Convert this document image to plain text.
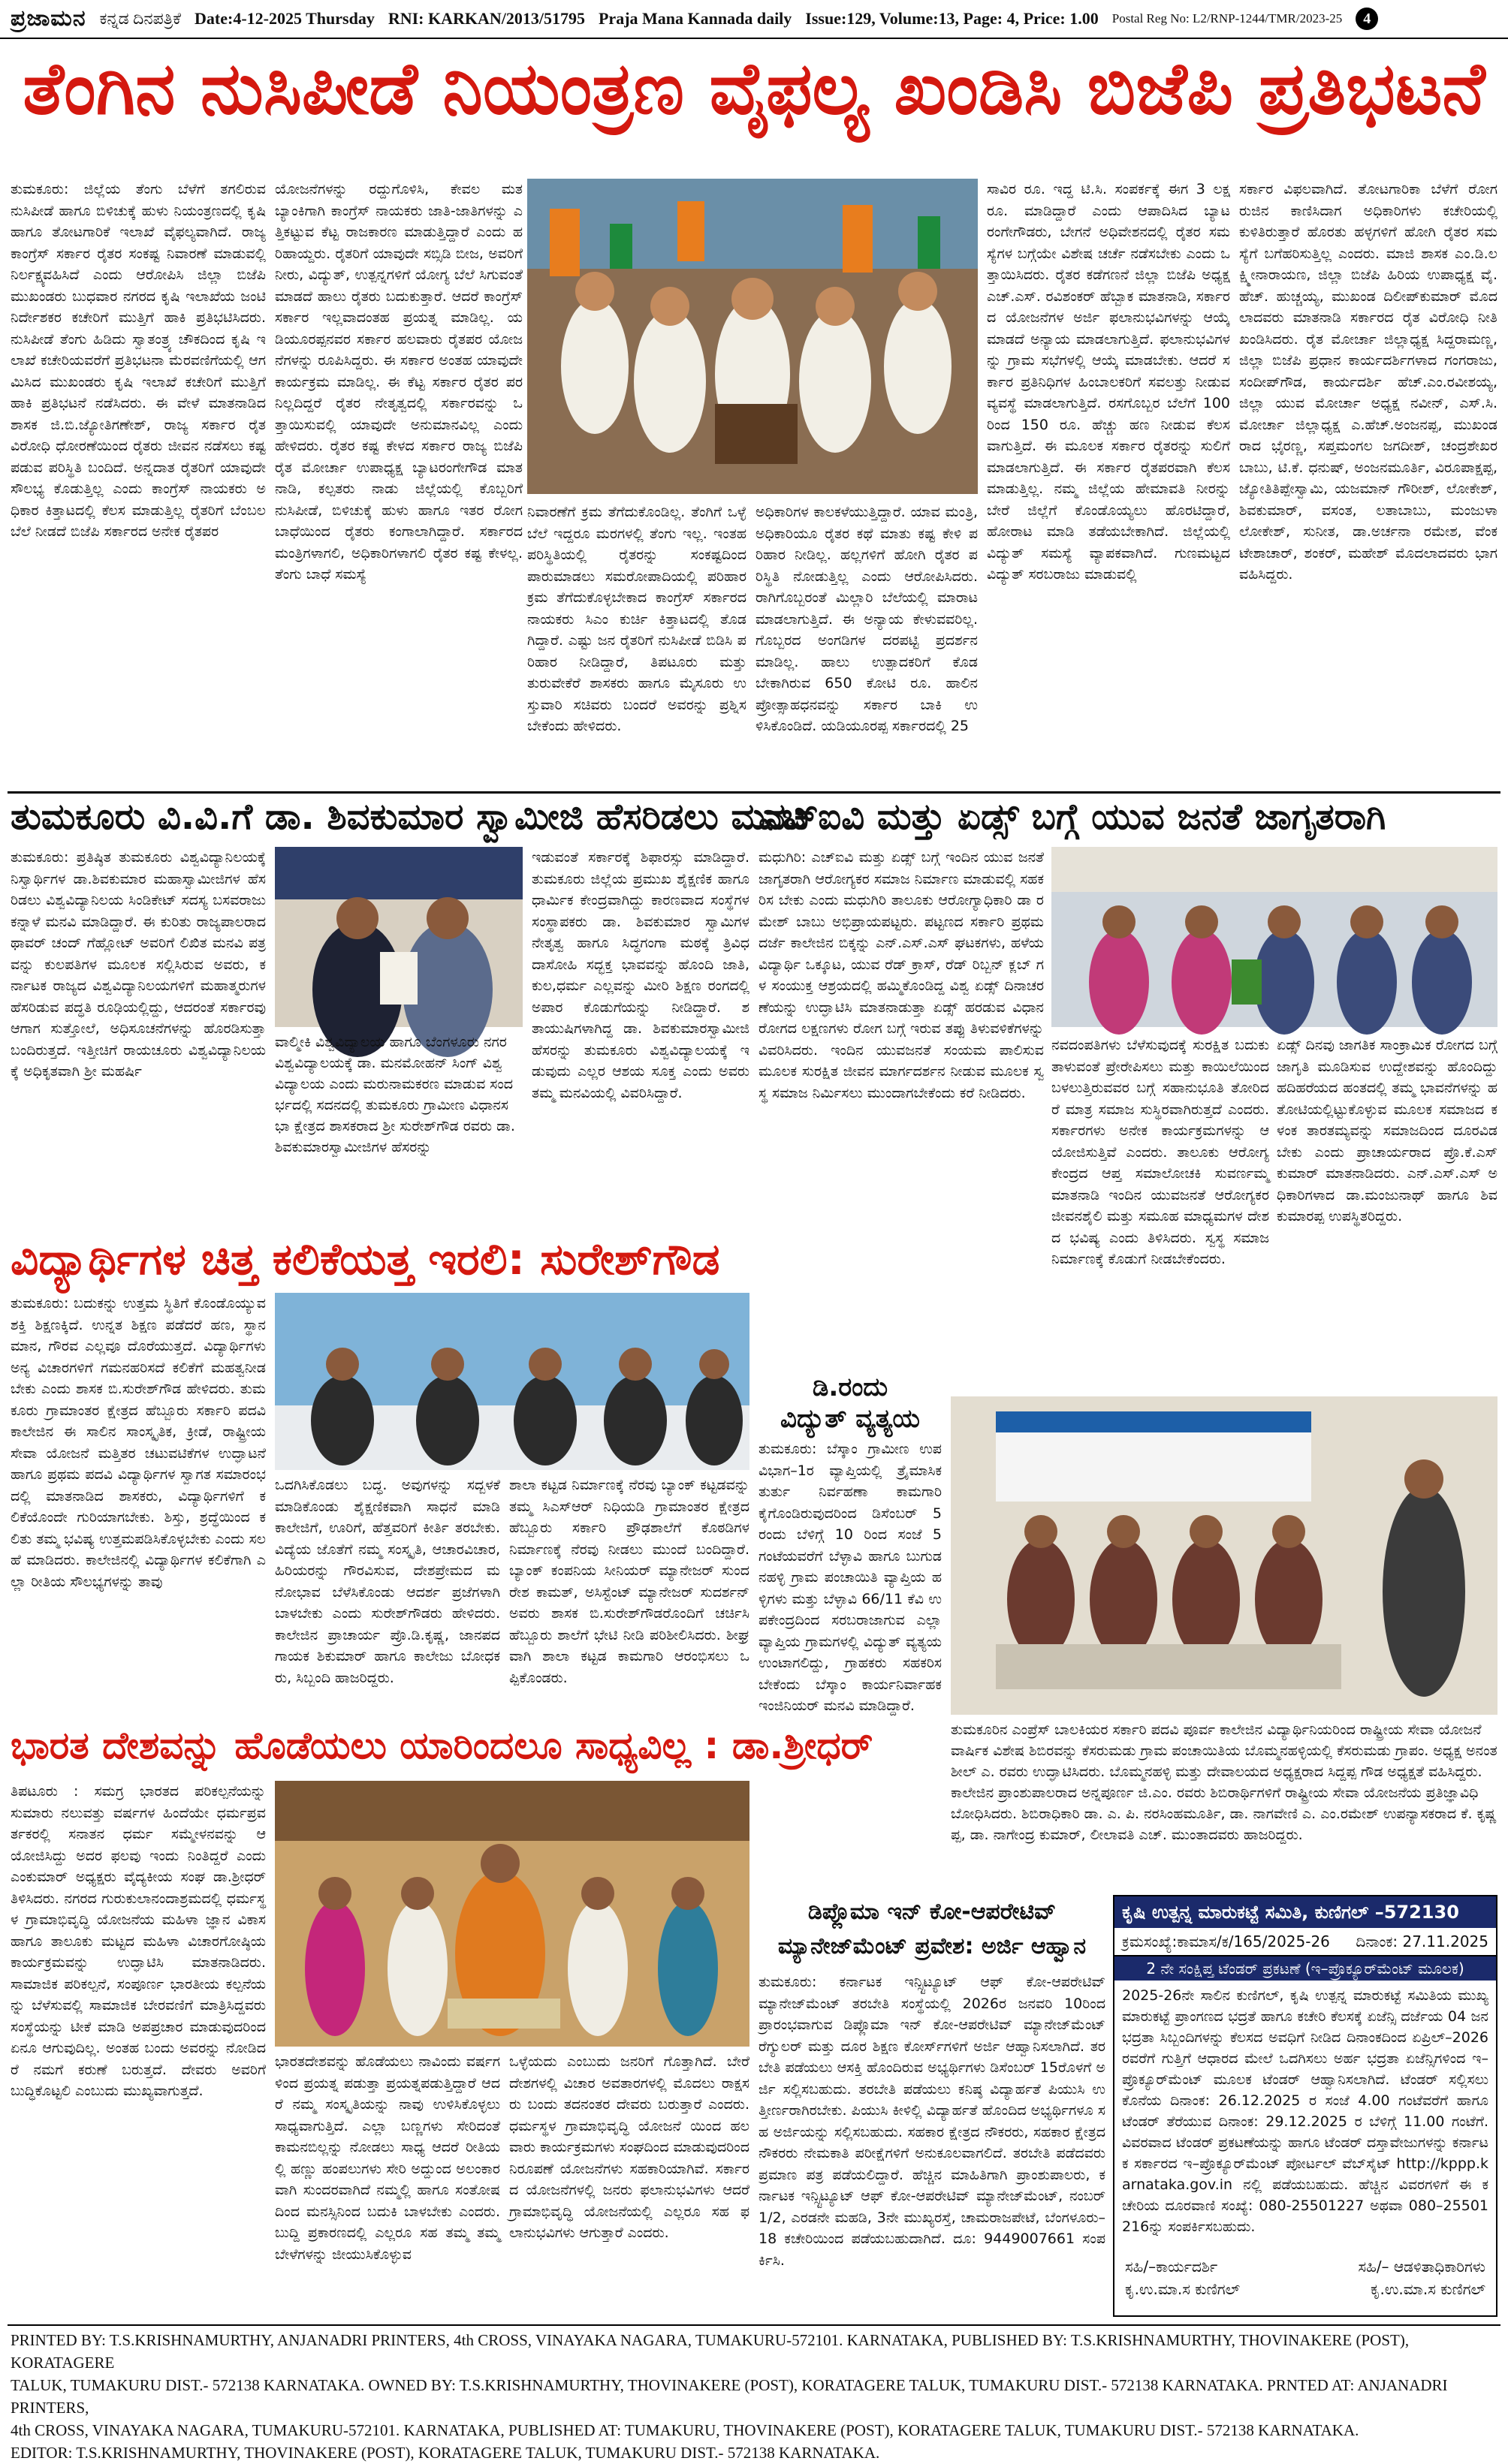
ಪ್ರಜಾಮನ ಕನ್ನಡ ದಿನಪತ್ರಿಕೆ Date:4-12-2025 Thursday RNI: KARKAN/2013/51795 Praja Mana Kannada daily Issue:129, Volume:13, Page: 4, Price: 1.00 Postal Reg No: L2/RNP-1244/TMR/2023-25	4
ತೆಂಗಿನ ನುಸಿಪೀಡೆ ನಿಯಂತ್ರಣ ವೈಫಲ್ಯ ಖಂಡಿಸಿ ಬಿಜೆಪಿ ಪ್ರತಿಭಟನೆ
ತುಮಕೂರು: ಜಿಲ್ಲೆಯ ತೆಂಗು ಬೆಳೆಗೆ ತಗಲಿರುವ ನುಸಿಪೀಡೆ ಹಾಗೂ ಬಿಳಿಚುಕ್ಕೆ ಹುಳು ನಿಯಂತ್ರಣದಲ್ಲಿ ಕೃಷಿ ಹಾಗೂ ತೋಟಗಾರಿಕೆ ಇಲಾಖೆ ವೈಫಲ್ಯವಾಗಿದೆ. ರಾಜ್ಯ ಕಾಂಗ್ರೆಸ್ ಸರ್ಕಾರ ರೈತರ ಸಂಕಷ್ಟ ನಿವಾರಣೆ ಮಾಡುವಲ್ಲಿ ನಿರ್ಲಕ್ಷ್ಯವಹಿಸಿದೆ ಎಂದು ಆರೋಪಿಸಿ ಜಿಲ್ಲಾ ಬಿಜೆಪಿ ಮುಖಂಡರು ಬುಧವಾರ ನಗರದ ಕೃಷಿ ಇಲಾಖೆಯ ಜಂಟಿ ನಿರ್ದೇಶಕರ ಕಚೇರಿಗೆ ಮುತ್ತಿಗೆ ಹಾಕಿ ಪ್ರತಿಭಟಿಸಿದರು. ನುಸಿಪೀಡೆ ತೆಂಗು ಹಿಡಿದು ಸ್ವಾತಂತ್ರ್ಯ ಚೌಕದಿಂದ ಕೃಷಿ ಇಲಾಖೆ ಕಚೇರಿಯವರೆಗೆ ಪ್ರತಿಭಟನಾ ಮೆರವಣಿಗೆಯಲ್ಲಿ ಆಗಮಿಸಿದ ಮುಖಂಡರು ಕೃಷಿ ಇಲಾಖೆ ಕಚೇರಿಗೆ ಮುತ್ತಿಗೆ ಹಾಕಿ ಪ್ರತಿಭಟನೆ ನಡೆಸಿದರು. ಈ ವೇಳೆ ಮಾತನಾಡಿದ ಶಾಸಕ ಜಿ.ಬಿ.ಜ್ಯೋತಿಗಣೇಶ್, ರಾಜ್ಯ ಸರ್ಕಾರ ರೈತ ವಿರೋಧಿ ಧೋರಣೆಯಿಂದ ರೈತರು ಜೀವನ ನಡೆಸಲು ಕಷ್ಟ ಪಡುವ ಪರಿಸ್ಥಿತಿ ಬಂದಿದೆ. ಅನ್ನದಾತ ರೈತರಿಗೆ ಯಾವುದೇ ಸೌಲಭ್ಯ ಕೊಡುತ್ತಿಲ್ಲ ಎಂದು ಕಾಂಗ್ರೆಸ್ ನಾಯಕರು ಅಧಿಕಾರ ಕಿತ್ತಾಟದಲ್ಲಿ ಕೆಲಸ ಮಾಡುತ್ತಿಲ್ಲ ರೈತರಿಗೆ ಬೆಂಬಲ ಬೆಲೆ ನೀಡದೆ ಬಿಜೆಪಿ ಸರ್ಕಾರದ ಅನೇಕ ರೈತಪರ
ಯೋಜನೆಗಳನ್ನು ರದ್ದುಗೊಳಿಸಿ, ಕೇವಲ ಮತ ಬ್ಯಾಂಕಿಗಾಗಿ ಕಾಂಗ್ರೆಸ್ ನಾಯಕರು ಜಾತಿ-ಜಾತಿಗಳನ್ನು ಎತ್ತಿಕಟ್ಟುವ ಕೆಟ್ಟ ರಾಜಕಾರಣ ಮಾಡುತ್ತಿದ್ದಾರೆ ಎಂದು ಹರಿಹಾಯ್ದರು. ರೈತರಿಗೆ ಯಾವುದೇ ಸಬ್ಸಿಡಿ ಬೀಜ, ಅವರಿಗೆ ನೀರು, ವಿದ್ಯುತ್, ಉತ್ಪನ್ನಗಳಿಗೆ ಯೋಗ್ಯ ಬೆಲೆ ಸಿಗುವಂತೆ ಮಾಡದೆ ಹಾಲು ರೈತರು ಬದುಕುತ್ತಾರೆ. ಆದರೆ ಕಾಂಗ್ರೆಸ್ ಸರ್ಕಾರ ಇಲ್ಲವಾದಂತಹ ಪ್ರಯತ್ನ ಮಾಡಿಲ್ಲ. ಯಡಿಯೂರಪ್ಪನವರ ಸರ್ಕಾರ ಹಲವಾರು ರೈತಪರ ಯೋಜನೆಗಳನ್ನು ರೂಪಿಸಿದ್ದರು. ಈ ಸರ್ಕಾರ ಅಂತಹ ಯಾವುದೇ ಕಾರ್ಯಕ್ರಮ ಮಾಡಿಲ್ಲ. ಈ ಕೆಟ್ಟ ಸರ್ಕಾರ ರೈತರ ಪರ ನಿಲ್ಲದಿದ್ದರೆ ರೈತರ ನೇತೃತ್ವದಲ್ಲಿ ಸರ್ಕಾರವನ್ನು ಒತ್ತಾಯಿಸುವಲ್ಲಿ ಯಾವುದೇ ಅನುಮಾನವಿಲ್ಲ ಎಂದು ಹೇಳಿದರು. ರೈತರ ಕಷ್ಟ ಕೇಳದ ಸರ್ಕಾರ ರಾಜ್ಯ ಬಿಜೆಪಿ ರೈತ ಮೋರ್ಚಾ ಉಪಾಧ್ಯಕ್ಷ ಬ್ಯಾಟರಂಗೇಗೌಡ ಮಾತನಾಡಿ, ಕಲ್ಪತರು ನಾಡು ಜಿಲ್ಲೆಯಲ್ಲಿ ಕೊಬ್ಬರಿಗೆ ನುಸಿಪೀಡೆ, ಬಿಳಿಚುಕ್ಕೆ ಹುಳು ಹಾಗೂ ಇತರ ರೋಗ ಬಾಧೆಯಿಂದ ರೈತರು ಕಂಗಾಲಾಗಿದ್ದಾರೆ. ಸರ್ಕಾರದ ಮಂತ್ರಿಗಳಾಗಲಿ, ಅಧಿಕಾರಿಗಳಾಗಲಿ ರೈತರ ಕಷ್ಟ ಕೇಳಲ್ಲ. ತೆಂಗು ಬಾಧೆ ಸಮಸ್ಯೆ
ನಿವಾರಣೆಗೆ ಕ್ರಮ ತೆಗೆದುಕೊಂಡಿಲ್ಲ. ತೆಂಗಿಗೆ ಒಳ್ಳೆ ಬೆಲೆ ಇದ್ದರೂ ಮರಗಳಲ್ಲಿ ತೆಂಗು ಇಲ್ಲ. ಇಂತಹ ಪರಿಸ್ಥಿತಿಯಲ್ಲಿ ರೈತರನ್ನು ಸಂಕಷ್ಟದಿಂದ ಪಾರುಮಾಡಲು ಸಮರೋಪಾದಿಯಲ್ಲಿ ಪರಿಹಾರ ಕ್ರಮ ತೆಗೆದುಕೊಳ್ಳಬೇಕಾದ ಕಾಂಗ್ರೆಸ್ ಸರ್ಕಾರದ ನಾಯಕರು ಸಿಎಂ ಕುರ್ಚಿ ಕಿತ್ತಾಟದಲ್ಲಿ ತೊಡಗಿದ್ದಾರೆ. ಎಷ್ಟು ಜನ ರೈತರಿಗೆ ನುಸಿಪೀಡೆ ಬಿಡಿಸಿ ಪರಿಹಾರ ನೀಡಿದ್ದಾರೆ, ತಿಪಟೂರು ಮತ್ತು ತುರುವೇಕೆರೆ ಶಾಸಕರು ಹಾಗೂ ಮೈಸೂರು ಉಸ್ತುವಾರಿ ಸಚಿವರು ಬಂದರೆ ಅವರನ್ನು ಪ್ರಶ್ನಿಸಬೇಕೆಂದು ಹೇಳಿದರು.
ಅಧಿಕಾರಿಗಳ ಕಾಲಕಳೆಯುತ್ತಿದ್ದಾರೆ. ಯಾವ ಮಂತ್ರಿ, ಅಧಿಕಾರಿಯೂ ರೈತರ ಕಥೆ ಮಾತು ಕಷ್ಟ ಕೇಳಿ ಪರಿಹಾರ ನೀಡಿಲ್ಲ. ಹಲ್ಲಗಳಿಗೆ ಹೋಗಿ ರೈತರ ಪರಿಸ್ಥಿತಿ ನೋಡುತ್ತಿಲ್ಲ ಎಂದು ಆರೋಪಿಸಿದರು. ರಾಗಿಗೊಬ್ಬರಂತೆ ಮಿಲ್ಲಾರಿ ಬೆಲೆಯಲ್ಲಿ ಮಾರಾಟ ಮಾಡಲಾಗುತ್ತಿದೆ. ಈ ಅನ್ಯಾಯ ಕೇಳುವವರಿಲ್ಲ. ಗೊಬ್ಬರದ ಅಂಗಡಿಗಳ ದರಪಟ್ಟಿ ಪ್ರದರ್ಶನ ಮಾಡಿಲ್ಲ. ಹಾಲು ಉತ್ಪಾದಕರಿಗೆ ಕೊಡಬೇಕಾಗಿರುವ 650 ಕೋಟಿ ರೂ. ಹಾಲಿನ ಪ್ರೋತ್ಸಾಹಧನವನ್ನು ಸರ್ಕಾರ ಬಾಕಿ ಉಳಿಸಿಕೊಂಡಿದೆ. ಯಡಿಯೂರಪ್ಪ ಸರ್ಕಾರದಲ್ಲಿ 25
ಸಾವಿರ ರೂ. ಇದ್ದ ಟಿ.ಸಿ. ಸಂಪರ್ಕಕ್ಕೆ ಈಗ 3 ಲಕ್ಷ ರೂ. ಮಾಡಿದ್ದಾರೆ ಎಂದು ಆಪಾದಿಸಿದ ಬ್ಯಾಟರಂಗೇಗೌಡರು, ಬೇಗನೆ ಅಧಿವೇಶನದಲ್ಲಿ ರೈತರ ಸಮಸ್ಯೆಗಳ ಬಗ್ಗೆಯೇ ವಿಶೇಷ ಚರ್ಚೆ ನಡೆಸಬೇಕು ಎಂದು ಒತ್ತಾಯಿಸಿದರು. ರೈತರ ಕಡೆಗಣನೆ ಜಿಲ್ಲಾ ಬಿಜೆಪಿ ಅಧ್ಯಕ್ಷ ಎಚ್.ಎಸ್. ರವಿಶಂಕರ್ ಹೆಬ್ಬಾಕ ಮಾತನಾಡಿ, ಸರ್ಕಾರದ ಯೋಜನೆಗಳ ಅರ್ಜಿ ಫಲಾನುಭವಿಗಳನ್ನು ಆಯ್ಕೆ ಮಾಡದೆ ಅನ್ಯಾಯ ಮಾಡಲಾಗುತ್ತಿದೆ. ಫಲಾನುಭವಿಗಳನ್ನು ಗ್ರಾಮ ಸಭೆಗಳಲ್ಲಿ ಆಯ್ಕೆ ಮಾಡಬೇಕು. ಆದರೆ ಸರ್ಕಾರ ಪ್ರತಿನಿಧಿಗಳ ಹಿಂಬಾಲಕರಿಗೆ ಸವಲತ್ತು ನೀಡುವ ವ್ಯವಸ್ಥೆ ಮಾಡಲಾಗುತ್ತಿದೆ. ರಸಗೊಬ್ಬರ ಬೆಲೆಗೆ 100ರಿಂದ 150 ರೂ. ಹೆಚ್ಚು ಹಣ ನೀಡುವ ಕೆಲಸವಾಗುತ್ತಿದೆ. ಈ ಮೂಲಕ ಸರ್ಕಾರ ರೈತರನ್ನು ಸುಲಿಗೆ ಮಾಡಲಾಗುತ್ತಿದೆ. ಈ ಸರ್ಕಾರ ರೈತಪರವಾಗಿ ಕೆಲಸ ಮಾಡುತ್ತಿಲ್ಲ. ನಮ್ಮ ಜಿಲ್ಲೆಯ ಹೇಮಾವತಿ ನೀರನ್ನು ಬೇರೆ ಜಿಲ್ಲೆಗೆ ಕೊಂಡೊಯ್ಯಲು ಹೊರಟಿದ್ದಾರೆ, ಹೋರಾಟ ಮಾಡಿ ತಡೆಯಬೇಕಾಗಿದೆ. ಜಿಲ್ಲೆಯಲ್ಲಿ ವಿದ್ಯುತ್ ಸಮಸ್ಯೆ ವ್ಯಾಪಕವಾಗಿದೆ. ಗುಣಮಟ್ಟದ ವಿದ್ಯುತ್ ಸರಬರಾಜು ಮಾಡುವಲ್ಲಿ
ಸರ್ಕಾರ ವಿಫಲವಾಗಿದೆ. ತೋಟಗಾರಿಕಾ ಬೆಳೆಗೆ ರೋಗರುಜಿನ ಕಾಣಿಸಿದಾಗ ಅಧಿಕಾರಿಗಳು ಕಚೇರಿಯಲ್ಲಿ ಕುಳಿತಿರುತ್ತಾರೆ ಹೊರತು ಹಳ್ಳಗಳಿಗೆ ಹೋಗಿ ರೈತರ ಸಮಸ್ಯೆಗೆ ಬಗೆಹರಿಸುತ್ತಿಲ್ಲ ಎಂದರು. ಮಾಜಿ ಶಾಸಕ ಎಂ.ಡಿ.ಲಕ್ಷ್ಮೀನಾರಾಯಣ, ಜಿಲ್ಲಾ ಬಿಜೆಪಿ ಹಿರಿಯ ಉಪಾಧ್ಯಕ್ಷ ವೈ.ಹೆಚ್. ಹುಚ್ಚಯ್ಯ, ಮುಖಂಡ ದಿಲೀಪ್‌ಕುಮಾರ್ ಮೊದಲಾದವರು ಮಾತನಾಡಿ ಸರ್ಕಾರದ ರೈತ ವಿರೋಧಿ ನೀತಿ ಖಂಡಿಸಿದರು. ರೈತ ಮೋರ್ಚಾ ಜಿಲ್ಲಾಧ್ಯಕ್ಷ ಸಿದ್ದರಾಮಣ್ಣ, ಜಿಲ್ಲಾ ಬಿಜೆಪಿ ಪ್ರಧಾನ ಕಾರ್ಯದರ್ಶಿಗಳಾದ ಗಂಗರಾಜು, ಸಂದೀಪ್‌ಗೌಡ, ಕಾರ್ಯದರ್ಶಿ ಹೆಚ್.ಎಂ.ರವೀಶಯ್ಯ, ಜಿಲ್ಲಾ ಯುವ ಮೋರ್ಚಾ ಅಧ್ಯಕ್ಷ ನವೀನ್, ಎಸ್.ಸಿ. ಮೋರ್ಚಾ ಜಿಲ್ಲಾಧ್ಯಕ್ಷ ಎ.ಹೆಚ್.ಅಂಜನಪ್ಪ, ಮುಖಂಡರಾದ ಭೈರಣ್ಣ, ಸಪ್ತಮಂಗಲ ಜಗದೀಶ್, ಚಂದ್ರಶೇಖರಬಾಬು, ಟಿ.ಕೆ. ಧನುಷ್, ಅಂಜನಮೂರ್ತಿ, ವಿರೂಪಾಕ್ಷಪ್ಪ, ಜ್ಯೋತಿತಿಪ್ಪೇಸ್ವಾಮಿ, ಯಜಮಾನ್ ಗೌರೀಶ್, ಲೋಕೇಶ್, ಶಿವಕುಮಾರ್, ವಸಂತ, ಲತಾಬಾಬು, ಮಂಜುಳಾ ಲೋಕೇಶ್, ಸುನೀತ, ಡಾ.ಅರ್ಚನಾ ರಮೇಶ, ವೆಂಕಟೇಶಾಚಾರ್, ಶಂಕರ್, ಮಹೇಶ್ ಮೊದಲಾದವರು ಭಾಗವಹಿಸಿದ್ದರು.
ತುಮಕೂರು ವಿ.ವಿ.ಗೆ ಡಾ. ಶಿವಕುಮಾರ ಸ್ವಾಮೀಜಿ ಹೆಸರಿಡಲು ಮನವಿ
ತುಮಕೂರು: ಪ್ರತಿಷ್ಠಿತ ತುಮಕೂರು ವಿಶ್ವವಿದ್ಯಾನಿಲಯಕ್ಕೆ ನಿಸ್ವಾರ್ಥಿಗಳ ಡಾ.ಶಿವಕುಮಾರ ಮಹಾಸ್ವಾಮೀಜಿಗಳ ಹೆಸರಿಡಲು ವಿಶ್ವವಿದ್ಯಾನಿಲಯ ಸಿಂಡಿಕೇಟ್ ಸದಸ್ಯ ಬಸವರಾಜು ಕನ್ನಾಳೆ ಮನವಿ ಮಾಡಿದ್ದಾರೆ. ಈ ಕುರಿತು ರಾಜ್ಯಪಾಲರಾದ ಥಾವರ್ ಚಂದ್ ಗೆಹ್ಲೋಟ್ ಅವರಿಗೆ ಲಿಖಿತ ಮನವಿ ಪತ್ರವನ್ನು ಕುಲಪತಿಗಳ ಮೂಲಕ ಸಲ್ಲಿಸಿರುವ ಅವರು, ಕರ್ನಾಟಕ ರಾಜ್ಯದ ವಿಶ್ವವಿದ್ಯಾನಿಲಯಗಳಿಗೆ ಮಹಾತ್ಮರುಗಳ ಹೆಸರಿಡುವ ಪದ್ಧತಿ ರೂಢಿಯಲ್ಲಿದ್ದು, ಆದರಂತೆ ಸರ್ಕಾರವು ಆಗಾಗ ಸುತ್ತೋಲೆ, ಅಧಿಸೂಚನೆಗಳನ್ನು ಹೊರಡಿಸುತ್ತಾ ಬಂದಿರುತ್ತದೆ. ಇತ್ತೀಚಿಗೆ ರಾಯಚೂರು ವಿಶ್ವವಿದ್ಯಾನಿಲಯಕ್ಕೆ ಅಧಿಕೃತವಾಗಿ ಶ್ರೀ ಮಹರ್ಷಿ
ವಾಲ್ಮೀಕಿ ವಿಶ್ವವಿದ್ಯಾಲಯ ಹಾಗೂ ಬೆಂಗಳೂರು ನಗರ ವಿಶ್ವವಿದ್ಯಾಲಯಕ್ಕೆ ಡಾ. ಮನಮೋಹನ್ ಸಿಂಗ್ ವಿಶ್ವವಿದ್ಯಾಲಯ ಎಂದು ಮರುನಾಮಕರಣ ಮಾಡುವ ಸಂದರ್ಭದಲ್ಲಿ ಸದನದಲ್ಲಿ ತುಮಕೂರು ಗ್ರಾಮೀಣ ವಿಧಾನಸಭಾ ಕ್ಷೇತ್ರದ ಶಾಸಕರಾದ ಶ್ರೀ ಸುರೇಶ್‌ಗೌಡ ರವರು ಡಾ.ಶಿವಕುಮಾರಸ್ವಾಮೀಜಿಗಳ ಹೆಸರನ್ನು
ಇಡುವಂತೆ ಸರ್ಕಾರಕ್ಕೆ ಶಿಫಾರಸ್ಸು ಮಾಡಿದ್ದಾರೆ. ತುಮಕೂರು ಜಿಲ್ಲೆಯ ಪ್ರಮುಖ ಶೈಕ್ಷಣಿಕ ಹಾಗೂ ಧಾರ್ಮಿಕ ಕೇಂದ್ರವಾಗಿದ್ದು ಕಾರಣವಾದ ಸಂಸ್ಥೆಗಳ ಸಂಸ್ಥಾಪಕರು ಡಾ. ಶಿವಕುಮಾರ ಸ್ವಾಮಿಗಳ ನೇತೃತ್ವ ಹಾಗೂ ಸಿದ್ಧಗಂಗಾ ಮಠಕ್ಕೆ ತ್ರಿವಿಧ ದಾಸೋಹಿ ಸದ್ಭಕ್ತ ಭಾವವನ್ನು ಹೊಂದಿ ಜಾತಿ, ಕುಲ,ಧರ್ಮ ಎಲ್ಲವನ್ನು ಮೀರಿ ಶಿಕ್ಷಣ ರಂಗದಲ್ಲಿ ಅಪಾರ ಕೊಡುಗೆಯನ್ನು ನೀಡಿದ್ದಾರೆ. ಶತಾಯುಷಿಗಳಾಗಿದ್ದ ಡಾ. ಶಿವಕುಮಾರಸ್ವಾಮೀಜಿ ಹೆಸರನ್ನು ತುಮಕೂರು ವಿಶ್ವವಿದ್ಯಾಲಯಕ್ಕೆ ಇಡುವುದು ಎಲ್ಲರ ಆಶಯ ಸೂಕ್ತ ಎಂದು ಅವರು ತಮ್ಮ ಮನವಿಯಲ್ಲಿ ವಿವರಿಸಿದ್ದಾರೆ.
ಎಚ್‌ಐವಿ ಮತ್ತು ಏಡ್ಸ್ ಬಗ್ಗೆ ಯುವ ಜನತೆ ಜಾಗೃತರಾಗಿ
ಮಧುಗಿರಿ: ಎಚ್‌ಐವಿ ಮತ್ತು ಏಡ್ಸ್ ಬಗ್ಗೆ ಇಂದಿನ ಯುವ ಜನತೆ ಜಾಗೃತರಾಗಿ ಆರೋಗ್ಯಕರ ಸಮಾಜ ನಿರ್ಮಾಣ ಮಾಡುವಲ್ಲಿ ಸಹಕರಿಸ ಬೇಕು ಎಂದು ಮಧುಗಿರಿ ತಾಲೂಕು ಆರೋಗ್ಯಾಧಿಕಾರಿ ಡಾ ರಮೇಶ್ ಬಾಬು ಅಭಿಪ್ರಾಯಪಟ್ಟರು. ಪಟ್ಟಣದ ಸರ್ಕಾರಿ ಪ್ರಥಮ ದರ್ಜೆ ಕಾಲೇಜಿನ ಬಿಕ್ಕನ್ನು ಎನ್.ಎಸ್.ಎಸ್ ಘಟಕಗಳು, ಹಳೆಯ ವಿದ್ಯಾರ್ಥಿ ಒಕ್ಕೂಟ, ಯುವ ರೆಡ್ ಕ್ರಾಸ್, ರೆಡ್ ರಿಬ್ಬನ್ ಕ್ಲಬ್ ಗಳ ಸಂಯುಕ್ತ ಆಶ್ರಯದಲ್ಲಿ ಹಮ್ಮಿಕೊಂಡಿದ್ದ ವಿಶ್ವ ಏಡ್ಸ್ ದಿನಾಚರಣೆಯನ್ನು ಉದ್ಘಾಟಿಸಿ ಮಾತನಾಡುತ್ತಾ ಏಡ್ಸ್ ಹರಡುವ ವಿಧಾನ ರೋಗದ ಲಕ್ಷಣಗಳು ರೋಗ ಬಗ್ಗೆ ಇರುವ ತಪ್ಪು ತಿಳುವಳಿಕೆಗಳನ್ನು ವಿವರಿಸಿದರು. ಇಂದಿನ ಯುವಜನತೆ ಸಂಯಮ ಪಾಲಿಸುವ ಮೂಲಕ ಸುರಕ್ಷಿತ ಜೀವನ ಮಾರ್ಗದರ್ಶನ ನೀಡುವ ಮೂಲಕ ಸ್ವಸ್ಥ ಸಮಾಜ ನಿರ್ಮಿಸಲು ಮುಂದಾಗಬೇಕೆಂದು ಕರೆ ನೀಡಿದರು.
ನವದಂಪತಿಗಳು ಬೆಳೆಸುವುದಕ್ಕೆ ಸುರಕ್ಷಿತ ಬದುಕು ತಾಳುವಂತೆ ಪ್ರೇರೇಪಿಸಲು ಮತ್ತು ಕಾಯಿಲೆಯಿಂದ ಬಳಲುತ್ತಿರುವವರ ಬಗ್ಗೆ ಸಹಾನುಭೂತಿ ತೋರಿದರೆ ಮಾತ್ರ ಸಮಾಜ ಸುಸ್ಥಿರವಾಗಿರುತ್ತದೆ ಎಂದರು. ಸರ್ಕಾರಗಳು ಅನೇಕ ಕಾರ್ಯಕ್ರಮಗಳನ್ನು ಆಯೋಜಿಸುತ್ತಿವೆ ಎಂದರು. ತಾಲೂಕು ಆರೋಗ್ಯ ಕೇಂದ್ರದ ಆಪ್ತ ಸಮಾಲೋಚಕಿ ಸುವರ್ಣಮ್ಮ ಮಾತನಾಡಿ ಇಂದಿನ ಯುವಜನತೆ ಆರೋಗ್ಯಕರ ಜೀವನಶೈಲಿ ಮತ್ತು ಸಮೂಹ ಮಾಧ್ಯಮಗಳ ದೇಶದ ಭವಿಷ್ಯ ಎಂದು ತಿಳಿಸಿದರು. ಸ್ವಸ್ಥ ಸಮಾಜ ನಿರ್ಮಾಣಕ್ಕೆ ಕೊಡುಗೆ ನೀಡಬೇಕೆಂದರು.
ಏಡ್ಸ್ ದಿನವು ಜಾಗತಿಕ ಸಾಂಕ್ರಾಮಿಕ ರೋಗದ ಬಗ್ಗೆ ಜಾಗೃತಿ ಮೂಡಿಸುವ ಉದ್ದೇಶವನ್ನು ಹೊಂದಿದ್ದು ಹದಿಹರೆಯದ ಹಂತದಲ್ಲಿ ತಮ್ಮ ಭಾವನೆಗಳನ್ನು ಹತೋಟಿಯಲ್ಲಿಟ್ಟುಕೊಳ್ಳುವ ಮೂಲಕ ಸಮಾಜದ ಕಳಂಕ ತಾರತಮ್ಯವನ್ನು ಸಮಾಜದಿಂದ ದೂರವಿಡಬೇಕು ಎಂದು ಪ್ರಾಚಾರ್ಯರಾದ ಪ್ರೊ.ಕೆ.ಎಸ್ ಕುಮಾರ್ ಮಾತನಾಡಿದರು. ಎನ್.ಎಸ್.ಎಸ್ ಅಧಿಕಾರಿಗಳಾದ ಡಾ.ಮಂಜುನಾಥ್ ಹಾಗೂ ಶಿವಕುಮಾರಪ್ಪ ಉಪಸ್ಥಿತರಿದ್ದರು.
ವಿದ್ಯಾರ್ಥಿಗಳ ಚಿತ್ತ ಕಲಿಕೆಯತ್ತ ಇರಲಿ: ಸುರೇಶ್‌ಗೌಡ
ತುಮಕೂರು: ಬದುಕನ್ನು ಉತ್ತಮ ಸ್ಥಿತಿಗೆ ಕೊಂಡೊಯ್ಯುವ ಶಕ್ತಿ ಶಿಕ್ಷಣಕ್ಕಿದೆ. ಉನ್ನತ ಶಿಕ್ಷಣ ಪಡೆದರೆ ಹಣ, ಸ್ಥಾನಮಾನ, ಗೌರವ ಎಲ್ಲವೂ ದೊರೆಯುತ್ತದೆ. ವಿದ್ಯಾರ್ಥಿಗಳು ಅನ್ಯ ವಿಚಾರಗಳಿಗೆ ಗಮನಹರಿಸದೆ ಕಲಿಕೆಗೆ ಮಹತ್ವನೀಡಬೇಕು ಎಂದು ಶಾಸಕ ಬಿ.ಸುರೇಶ್‌ಗೌಡ ಹೇಳಿದರು. ತುಮಕೂರು ಗ್ರಾಮಾಂತರ ಕ್ಷೇತ್ರದ ಹೆಬ್ಬೂರು ಸರ್ಕಾರಿ ಪದವಿ ಕಾಲೇಜಿನ ಈ ಸಾಲಿನ ಸಾಂಸ್ಕೃತಿಕ, ಕ್ರೀಡೆ, ರಾಷ್ಟ್ರೀಯ ಸೇವಾ ಯೋಜನೆ ಮತ್ತಿತರ ಚಟುವಟಿಕೆಗಳ ಉದ್ಘಾಟನೆ ಹಾಗೂ ಪ್ರಥಮ ಪದವಿ ವಿದ್ಯಾರ್ಥಿಗಳ ಸ್ವಾಗತ ಸಮಾರಂಭದಲ್ಲಿ ಮಾತನಾಡಿದ ಶಾಸಕರು, ವಿದ್ಯಾರ್ಥಿಗಳಿಗೆ ಕಲಿಕೆಯೊಂದೇ ಗುರಿಯಾಗಬೇಕು. ಶಿಸ್ತು, ಶ್ರದ್ಧೆಯಿಂದ ಕಲಿತು ತಮ್ಮ ಭವಿಷ್ಯ ಉತ್ತಮಪಡಿಸಿಕೊಳ್ಳಬೇಕು ಎಂದು ಸಲಹೆ ಮಾಡಿದರು. ಕಾಲೇಜಿನಲ್ಲಿ ವಿದ್ಯಾರ್ಥಿಗಳ ಕಲಿಕೆಗಾಗಿ ಎಲ್ಲಾ ರೀತಿಯ ಸೌಲಭ್ಯಗಳನ್ನು ತಾವು
ಒದಗಿಸಿಕೊಡಲು ಬದ್ಧ. ಅವುಗಳನ್ನು ಸದ್ಬಳಕೆ ಮಾಡಿಕೊಂಡು ಶೈಕ್ಷಣಿಕವಾಗಿ ಸಾಧನೆ ಮಾಡಿ ಕಾಲೇಜಿಗೆ, ಊರಿಗೆ, ಹೆತ್ತವರಿಗೆ ಕೀರ್ತಿ ತರಬೇಕು. ವಿದ್ಯೆಯ ಜೊತೆಗೆ ನಮ್ಮ ಸಂಸ್ಕೃತಿ, ಆಚಾರವಿಚಾರ, ಹಿರಿಯರನ್ನು ಗೌರವಿಸುವ, ದೇಶಪ್ರೇಮದ ಮನೋಭಾವ ಬೆಳೆಸಿಕೊಂಡು ಆದರ್ಶ ಪ್ರಜೆಗಳಾಗಿ ಬಾಳಬೇಕು ಎಂದು ಸುರೇಶ್‌ಗೌಡರು ಹೇಳಿದರು. ಕಾಲೇಜಿನ ಪ್ರಾಚಾರ್ಯ ಪ್ರೊ.ಡಿ.ಕೃಷ್ಣ, ಜಾನಪದ ಗಾಯಕ ಶಿಕುಮಾರ್ ಹಾಗೂ ಕಾಲೇಜು ಬೋಧಕರು, ಸಿಬ್ಬಂದಿ ಹಾಜರಿದ್ದರು.
ಶಾಲಾ ಕಟ್ಟಡ ನಿರ್ಮಾಣಕ್ಕೆ ನೆರವು ಬ್ಯಾಂಕ್ ಕಟ್ಟಡವನ್ನು ತಮ್ಮ ಸಿಎಸ್‌ಆರ್ ನಿಧಿಯಡಿ ಗ್ರಾಮಾಂತರ ಕ್ಷೇತ್ರದ ಹೆಬ್ಬೂರು ಸರ್ಕಾರಿ ಪ್ರೌಢಶಾಲೆಗೆ ಕೊಠಡಿಗಳ ನಿರ್ಮಾಣಕ್ಕೆ ನೆರವು ನೀಡಲು ಮುಂದೆ ಬಂದಿದ್ದಾರೆ. ಬ್ಯಾಂಕ್ ಕಂಪನಿಯ ಸೀನಿಯರ್ ಮ್ಯಾನೇಜರ್ ಸುಂದರೇಶ ಕಾಮತ್, ಅಸಿಸ್ಟೆಂಟ್ ಮ್ಯಾನೇಜರ್ ಸುದರ್ಶನ್ ಅವರು ಶಾಸಕ ಬಿ.ಸುರೇಶ್‌ಗೌಡರೊಂದಿಗೆ ಚರ್ಚಿಸಿ ಹೆಬ್ಬೂರು ಶಾಲೆಗೆ ಭೇಟಿ ನೀಡಿ ಪರಿಶೀಲಿಸಿದರು. ಶೀಘ್ರವಾಗಿ ಶಾಲಾ ಕಟ್ಟಡ ಕಾಮಗಾರಿ ಆರಂಭಿಸಲು ಒಪ್ಪಿಕೊಂಡರು.
ಡಿ.ರಂದು
ವಿದ್ಯುತ್ ವ್ಯತ್ಯಯ
ತುಮಕೂರು: ಬೆಸ್ಕಾಂ ಗ್ರಾಮೀಣ ಉಪವಿಭಾಗ–1ರ ವ್ಯಾಪ್ತಿಯಲ್ಲಿ ತ್ರೈಮಾಸಿಕ ತುರ್ತು ನಿರ್ವಹಣಾ ಕಾಮಗಾರಿ ಕೈಗೊಂಡಿರುವುದರಿಂದ ಡಿಸೆಂಬರ್ 5ರಂದು ಬೆಳಿಗ್ಗೆ 10 ರಿಂದ ಸಂಜೆ 5 ಗಂಟೆಯವರೆಗೆ ಬೆಳ್ಳಾವಿ ಹಾಗೂ ಬುಗುಡನಹಳ್ಳಿ ಗ್ರಾಮ ಪಂಚಾಯಿತಿ ವ್ಯಾಪ್ತಿಯ ಹಳ್ಳಿಗಳು ಮತ್ತು ಬೆಳ್ಳಾವಿ 66/11 ಕೆವಿ ಉಪಕೇಂದ್ರದಿಂದ ಸರಬರಾಜಾಗುವ ಎಲ್ಲಾ ವ್ಯಾಪ್ತಿಯ ಗ್ರಾಮಗಳಲ್ಲಿ ವಿದ್ಯುತ್ ವ್ಯತ್ಯಯ ಉಂಟಾಗಲಿದ್ದು, ಗ್ರಾಹಕರು ಸಹಕರಿಸಬೇಕೆಂದು ಬೆಸ್ಕಾಂ ಕಾರ್ಯನಿರ್ವಾಹಕ ಇಂಜಿನಿಯರ್ ಮನವಿ ಮಾಡಿದ್ದಾರೆ.
ತುಮಕೂರಿನ ಎಂಪ್ರೆಸ್ ಬಾಲಕಿಯರ ಸರ್ಕಾರಿ ಪದವಿ ಪೂರ್ವ ಕಾಲೇಜಿನ ವಿದ್ಯಾರ್ಥಿನಿಯರಿಂದ ರಾಷ್ಟ್ರೀಯ ಸೇವಾ ಯೋಜನೆ ವಾರ್ಷಿಕ ವಿಶೇಷ ಶಿಬಿರವನ್ನು ಕೆಸರುಮಡು ಗ್ರಾಮ ಪಂಚಾಯಿತಿಯ ಬೊಮ್ಮನಹಳ್ಳಿಯಲ್ಲಿ ಕೆಸರುಮಡು ಗ್ರಾಪಂ. ಅಧ್ಯಕ್ಷ ಅನಂತಶೀಲ್ ಎ. ರವರು ಉದ್ಘಾಟಿಸಿದರು. ಬೊಮ್ಮನಹಳ್ಳಿ ಮತ್ತು ದೇವಾಲಯದ ಅಧ್ಯಕ್ಷರಾದ ಸಿದ್ದಪ್ಪ ಗೌಡ ಅಧ್ಯಕ್ಷತೆ ವಹಿಸಿದ್ದರು. ಕಾಲೇಜಿನ ಪ್ರಾಂಶುಪಾಲರಾದ ಅನ್ನಪೂರ್ಣ ಜಿ.ಎಂ. ರವರು ಶಿಬಿರಾರ್ಥಿಗಳಿಗೆ ರಾಷ್ಟ್ರೀಯ ಸೇವಾ ಯೋಜನೆಯ ಪ್ರತಿಜ್ಞಾವಿಧಿ ಬೋಧಿಸಿದರು. ಶಿಬಿರಾಧಿಕಾರಿ ಡಾ. ಎ. ಪಿ. ನರಸಿಂಹಮೂರ್ತಿ, ಡಾ. ನಾಗವೇಣಿ ಎ. ಎಂ.ರಮೇಶ್ ಉಪನ್ಯಾಸಕರಾದ ಕೆ. ಕೃಷ್ಣಪ್ಪ, ಡಾ. ನಾಗೇಂದ್ರ ಕುಮಾರ್, ಲೀಲಾವತಿ ಎಚ್. ಮುಂತಾದವರು ಹಾಜರಿದ್ದರು.
ಭಾರತ ದೇಶವನ್ನು ಹೊಡೆಯಲು ಯಾರಿಂದಲೂ ಸಾಧ್ಯವಿಲ್ಲ : ಡಾ.ಶ್ರೀಧರ್
ತಿಪಟೂರು : ಸಮಗ್ರ ಭಾರತದ ಪರಿಕಲ್ಪನೆಯನ್ನು ಸುಮಾರು ನಲುವತ್ತು ವರ್ಷಗಳ ಹಿಂದೆಯೇ ಧರ್ಮಪ್ರವರ್ತಕರಲ್ಲಿ ಸನಾತನ ಧರ್ಮ ಸಮ್ಮೇಳನವನ್ನು ಆಯೋಜಿಸಿದ್ದು ಅದರ ಫಲವು ಇಂದು ನಿಂತಿದ್ದರೆ ಎಂದು ಎಂಕುಮಾರ್ ಅಧ್ಯಕ್ಷರು ವೈದ್ಯಕೀಯ ಸಂಘ ಡಾ.ಶ್ರೀಧರ್ ತಿಳಿಸಿದರು. ನಗರದ ಗುರುಕುಲಾನಂದಾಶ್ರಮದಲ್ಲಿ ಧರ್ಮಸ್ಥಳ ಗ್ರಾಮಾಭಿವೃದ್ಧಿ ಯೋಜನೆಯ ಮಹಿಳಾ ಜ್ಞಾನ ವಿಕಾಸ ಹಾಗೂ ತಾಲೂಕು ಮಟ್ಟದ ಮಹಿಳಾ ವಿಚಾರಗೋಷ್ಠಿಯ ಕಾರ್ಯಕ್ರಮವನ್ನು ಉದ್ಘಾಟಿಸಿ ಮಾತನಾಡಿದರು. ಸಾಮಾಜಿಕ ಪರಿಕಲ್ಪನೆ, ಸಂಪೂರ್ಣ ಭಾರತೀಯ ಕಲ್ಪನೆಯನ್ನು ಬೆಳೆಸುವಲ್ಲಿ ಸಾಮಾಜಿಕ ಬೇರವಣಿಗೆ ಮಾತ್ರಿಸಿದ್ದವರು ಸಂಸ್ಥೆಯನ್ನು ಟೀಕೆ ಮಾಡಿ ಅಪಪ್ರಚಾರ ಮಾಡುವುದರಿಂದ ಏನೂ ಆಗುವುದಿಲ್ಲ. ಅಂತಹ ಬಂದು ಅವರನ್ನು ನೋಡಿದರೆ ನಮಗೆ ಕರುಣೆ ಬರುತ್ತದೆ. ದೇವರು ಅವರಿಗೆ ಬುದ್ಧಿಕೊಟ್ಟಲಿ ಎಂಬುದು ಮುಖ್ಯವಾಗುತ್ತದೆ.
ಭಾರತದೇಶವನ್ನು ಹೊಡೆಯಲು ನಾವಿಂದು ವರ್ಷಗಳಿಂದ ಪ್ರಯತ್ನ ಪಡುತ್ತಾ ಪ್ರಯತ್ನಪಡುತ್ತಿದ್ದಾರೆ ಆದರೆ ನಮ್ಮ ಸಂಸ್ಕೃತಿಯನ್ನು ನಾವು ಉಳಿಸಿಕೊಳ್ಳಲು ಸಾಧ್ಯವಾಗುತ್ತಿದೆ. ಎಲ್ಲಾ ಬಣ್ಣಗಳು ಸೇರಿದಂತೆ ಕಾಮನಬಿಲ್ಲನ್ನು ನೋಡಲು ಸಾಧ್ಯ ಆದರೆ ರೀತಿಯಲ್ಲಿ ಹಣ್ಣು ಹಂಪಲುಗಳು ಸೇರಿ ಅದ್ದುಂದ ಅಲಂಕಾರವಾಗಿ ಸುಂದರವಾಗಿದೆ ನಮ್ಮಲ್ಲಿ ಹಾಗೂ ಸಂತೋಷದಿಂದ ಮನಸ್ಸಿನಿಂದ ಬದುಕಿ ಬಾಳಬೇಕು ಎಂದರು. ಬುದ್ದಿ ಪ್ರಕಾರಣದಲ್ಲಿ ಎಲ್ಲರೂ ಸಹ ತಮ್ಮ ತಮ್ಮ ಬೇಳೆಗಳನ್ನು ಜೀಯುಸಿಕೊಳ್ಳುವ
ಒಳ್ಳೆಯದು ಎಂಬುದು ಜನರಿಗೆ ಗೊತ್ತಾಗಿದೆ. ಬೇರೆ ದೇಶಗಳಲ್ಲಿ ವಿಚಾರ ಅವತಾರಗಳಲ್ಲಿ ಮೊದಲು ರಾಕ್ಷಸರು ಬಂದು ತದನಂತರ ದೇವರು ಬರುತ್ತಾರೆ ಎಂದರು. ಧರ್ಮಸ್ಥಳ ಗ್ರಾಮಾಭಿವೃದ್ಧಿ ಯೋಜನೆ ಯಿಂದ ಹಲವಾರು ಕಾರ್ಯಕ್ರಮಗಳು ಸಂಘದಿಂದ ಮಾಡುವುದರಿಂದ ನಿರೂಪಣೆ ಯೋಜನೆಗಳು ಸಹಕಾರಿಯಾಗಿವೆ. ಸರ್ಕಾರದ ಯೋಜನೆಗಳಲ್ಲಿ ಜನರು ಫಲಾನುಭವಿಗಳು ಆದರೆ ಗ್ರಾಮಾಭಿವೃದ್ಧಿ ಯೋಜನೆಯಲ್ಲಿ ಎಲ್ಲರೂ ಸಹ ಫಲಾನುಭವಿಗಳು ಆಗುತ್ತಾರೆ ಎಂದರು.
ಡಿಪ್ಲೊಮಾ ಇನ್ ಕೋ-ಆಪರೇಟಿವ್ ಮ್ಯಾನೇಜ್‌ಮೆಂಟ್ ಪ್ರವೇಶ: ಅರ್ಜಿ ಆಹ್ವಾನ
ತುಮಕೂರು: ಕರ್ನಾಟಕ ಇನ್ಸ್ಟಿಟ್ಯೂಟ್ ಆಫ್ ಕೋ-ಆಪರೇಟಿವ್ ಮ್ಯಾನೇಜ್‌ಮೆಂಟ್ ತರಬೇತಿ ಸಂಸ್ಥೆಯಲ್ಲಿ 2026ರ ಜನವರಿ 10ರಿಂದ ಪ್ರಾರಂಭವಾಗುವ ಡಿಪ್ಲೊಮಾ ಇನ್ ಕೋ-ಆಪರೇಟಿವ್ ಮ್ಯಾನೇಜ್‌ಮೆಂಟ್ ರೆಗ್ಯುಲರ್ ಮತ್ತು ದೂರ ಶಿಕ್ಷಣ ಕೋರ್ಸ್‌ಗಳಿಗೆ ಅರ್ಜಿ ಆಹ್ವಾನಿಸಲಾಗಿದೆ. ತರಬೇತಿ ಪಡೆಯಲು ಆಸಕ್ತಿ ಹೊಂದಿರುವ ಅಭ್ಯರ್ಥಿಗಳು ಡಿಸೆಂಬರ್ 15ರೊಳಗೆ ಅರ್ಜಿ ಸಲ್ಲಿಸಬಹುದು. ತರಬೇತಿ ಪಡೆಯಲು ಕನಿಷ್ಠ ವಿದ್ಯಾರ್ಹತೆ ಪಿಯುಸಿ ಉತ್ತೀರ್ಣರಾಗಿರಬೇಕು. ಪಿಯುಸಿ ಕೀಳಿಲ್ಲಿ ವಿದ್ಯಾರ್ಹತೆ ಹೊಂದಿದ ಅಭ್ಯರ್ಥಿಗಳೂ ಸಹ ಅರ್ಜಿಯನ್ನು ಸಲ್ಲಿಸಬಹುದು. ಸಹಕಾರ ಕ್ಷೇತ್ರದ ನೌಕರರು, ಸಹಕಾರ ಕ್ಷೇತ್ರದ ನೌಕರರು ನೇಮಕಾತಿ ಪರೀಕ್ಷೆಗಳಿಗೆ ಅನುಕೂಲವಾಗಲಿದೆ. ತರಬೇತಿ ಪಡೆದವರು ಪ್ರಮಾಣ ಪತ್ರ ಪಡೆಯಲಿದ್ದಾರೆ. ಹೆಚ್ಚಿನ ಮಾಹಿತಿಗಾಗಿ ಪ್ರಾಂಶುಪಾಲರು, ಕರ್ನಾಟಕ ಇನ್ಸ್ಟಿಟ್ಯೂಟ್ ಆಫ್ ಕೋ-ಆಪರೇಟಿವ್ ಮ್ಯಾನೇಜ್‌ಮೆಂಟ್, ನಂಬರ್ 1/2, ಎರಡನೇ ಮಹಡಿ, 3ನೇ ಮುಖ್ಯರಸ್ತೆ, ಚಾಮರಾಜಪೇಟೆ, ಬೆಂಗಳೂರು–18 ಕಚೇರಿಯಿಂದ ಪಡೆಯಬಹುದಾಗಿದೆ. ದೂ: 9449007661 ಸಂಪರ್ಕಿಸಿ.
ಕೃಷಿ ಉತ್ಪನ್ನ ಮಾರುಕಟ್ಟೆ ಸಮಿತಿ, ಕುಣಿಗಲ್ –572130
ಕ್ರಮಸಂಖ್ಯೆ:ಕಾಮಾಸ/ಕ/165/2025-26 ದಿನಾಂಕ: 27.11.2025
2 ನೇ ಸಂಕ್ಷಿಪ್ತ ಟೆಂಡರ್ ಪ್ರಕಟಣೆ (ಇ–ಪ್ರೊಕ್ಯೂರ್‌ಮೆಂಟ್ ಮೂಲಕ)
2025-26ನೇ ಸಾಲಿನ ಕುಣಿಗಲ್, ಕೃಷಿ ಉತ್ಪನ್ನ ಮಾರುಕಟ್ಟೆ ಸಮಿತಿಯ ಮುಖ್ಯ ಮಾರುಕಟ್ಟೆ ಪ್ರಾಂಗಣದ ಭದ್ರತೆ ಹಾಗೂ ಕಚೇರಿ ಕೆಲಸಕ್ಕೆ ಏಜೆನ್ಸಿ ದರ್ಜೆಯ 04 ಜನ ಭದ್ರತಾ ಸಿಬ್ಬಂದಿಗಳನ್ನು ಕೆಲಸದ ಅವಧಿಗೆ ನೀಡಿದ ದಿನಾಂಕದಿಂದ ಏಪ್ರಿಲ್–2026 ರವರೆಗೆ ಗುತ್ತಿಗೆ ಆಧಾರದ ಮೇಲೆ ಒದಗಿಸಲು ಅರ್ಹ ಭದ್ರತಾ ಏಜೆನ್ಸಿಗಳಿಂದ ಇ–ಪ್ರೊಕ್ಯೂರ್‌ಮೆಂಟ್ ಮೂಲಕ ಟೆಂಡರ್ ಆಹ್ವಾನಿಸಲಾಗಿದೆ. ಟೆಂಡರ್ ಸಲ್ಲಿಸಲು ಕೊನೆಯ ದಿನಾಂಕ: 26.12.2025 ರ ಸಂಜೆ 4.00 ಗಂಟೆವರೆಗೆ ಹಾಗೂ ಟೆಂಡರ್ ತೆರೆಯುವ ದಿನಾಂಕ: 29.12.2025 ರ ಬೆಳಿಗ್ಗೆ 11.00 ಗಂಟೆಗೆ. ವಿವರವಾದ ಟೆಂಡರ್ ಪ್ರಕಟಣೆಯನ್ನು ಹಾಗೂ ಟೆಂಡರ್ ದಸ್ತಾವೇಜುಗಳನ್ನು ಕರ್ನಾಟಕ ಸರ್ಕಾರದ ಇ–ಪ್ರೊಕ್ಯೂರ್‌ಮೆಂಟ್ ಪೋರ್ಟಲ್ ವೆಬ್‌ಸೈಟ್ http://kppp.karnataka.gov.in ನಲ್ಲಿ ಪಡೆಯಬಹುದು. ಹೆಚ್ಚಿನ ವಿವರಗಳಿಗೆ ಈ ಕಚೇರಿಯ ದೂರವಾಣಿ ಸಂಖ್ಯೆ: 080-25501227 ಅಥವಾ 080–25501216ನ್ನು ಸಂಪರ್ಕಿಸಬಹುದು.
ಸಹಿ/–ಕಾರ್ಯದರ್ಶಿ	ಸಹಿ/– ಆಡಳಿತಾಧಿಕಾರಿಗಳು
ಕೃ.ಉ.ಮಾ.ಸ ಕುಣಿಗಲ್	ಕೃ.ಉ.ಮಾ.ಸ ಕುಣಿಗಲ್
PRINTED BY: T.S.KRISHNAMURTHY, ANJANADRI PRINTERS, 4th CROSS, VINAYAKA NAGARA, TUMAKURU-572101. KARNATAKA, PUBLISHED BY: T.S.KRISHNAMURTHY, THOVINAKERE (POST), KORATAGERE
TALUK, TUMAKURU DIST.- 572138 KARNATAKA. OWNED BY: T.S.KRISHNAMURTHY, THOVINAKERE (POST), KORATAGERE TALUK, TUMAKURU DIST.- 572138 KARNATAKA. PRNTED AT: ANJANADRI PRINTERS,
4th CROSS, VINAYAKA NAGARA, TUMAKURU-572101. KARNATAKA, PUBLISHED AT: TUMAKURU, THOVINAKERE (POST), KORATAGERE TALUK, TUMAKURU DIST.- 572138 KARNATAKA.
EDITOR: T.S.KRISHNAMURTHY, THOVINAKERE (POST), KORATAGERE TALUK, TUMAKURU DIST.- 572138 KARNATAKA.
